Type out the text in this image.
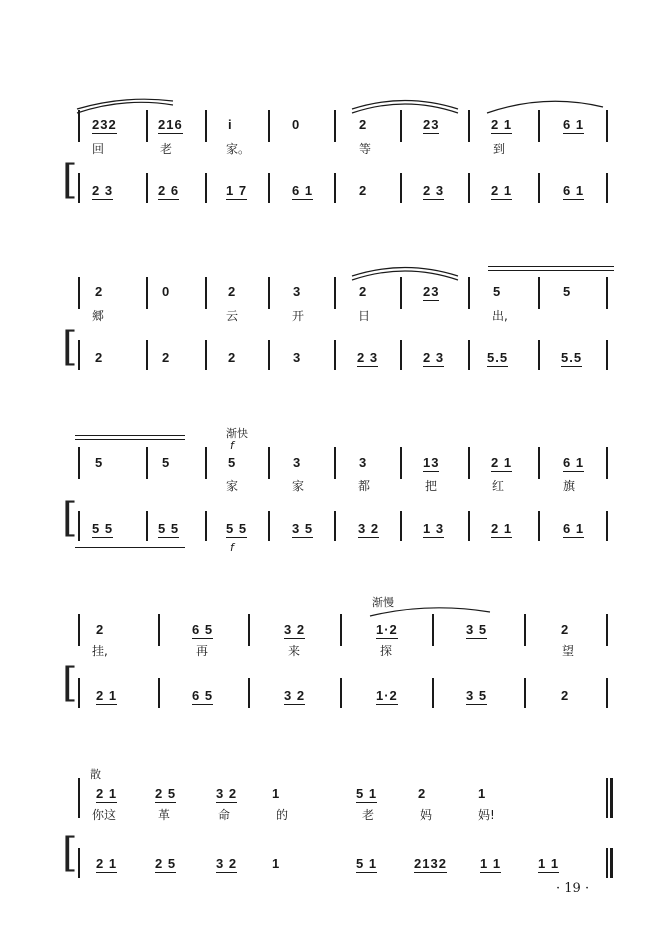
232	216	i	0	2	23	2 1	6 1
回	老	家。	等	到
[ 2 3	2 6	1 7	6 1	2	2 3	2 1	6 1
2	0	2	3	2	23	5	5
郷	云	开	日	出,
[ 2	2	2	3	2 3	2 3	5.5	5.5
渐快
f
5	5	5	3	3	13	2 1	6 1
家	家	都	把	红	旗
[ 5 5	5 5	5 5	3 5	3 2	1 3	2 1	6 1
f
渐慢
2	6 5	3 2	1·2	3 5	2
挂,	再	来	探	望
[ 2 1	6 5	3 2	1·2	3 5	2
散
2 1	2 5	3 2	1	5 1	2	1
你这	革	命	的	老	妈	妈!
[ 2 1	2 5	3 2	1	5 1	2132	1 1	1 1
· 19 ·
